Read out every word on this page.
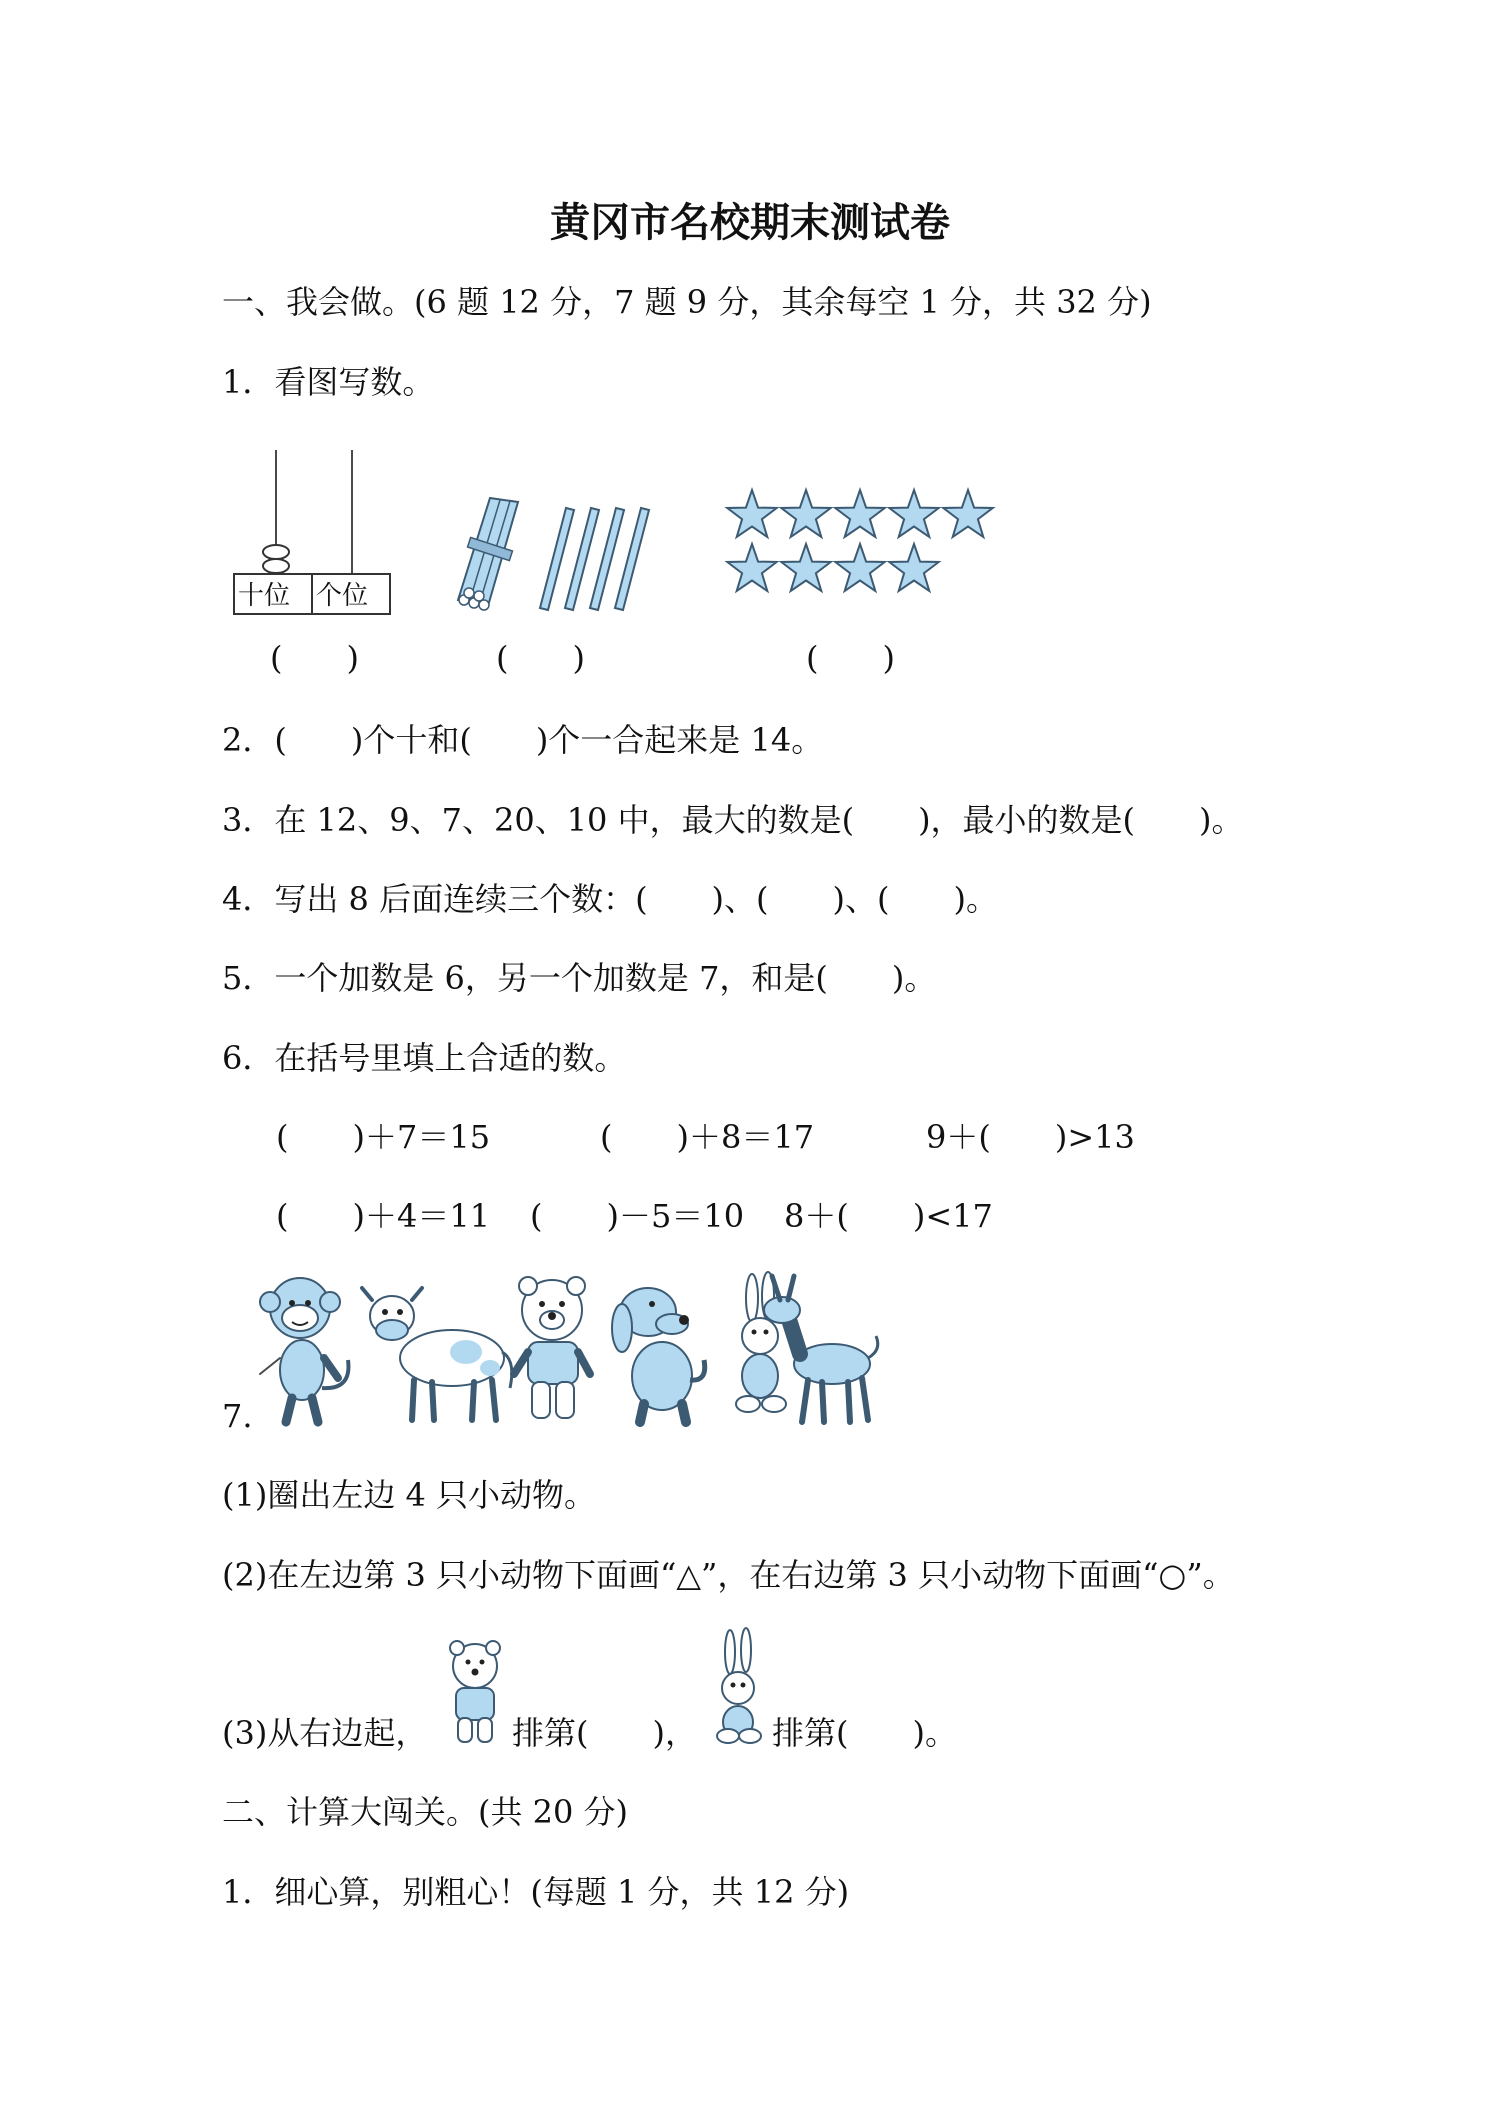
黄冈市名校期末测试卷
一、我会做。(6 题 12 分，7 题 9 分，其余每空 1 分，共 32 分)
1．看图写数。
十位 个位
(　　)	(　　)	(　　)
2．(　　)个十和(　　)个一合起来是 14。
3．在 12、9、7、20、10 中，最大的数是(　　)，最小的数是(　　)。
4．写出 8 后面连续三个数：(　　)、(　　)、(　　)。
5．一个加数是 6，另一个加数是 7，和是(　　)。
6．在括号里填上合适的数。
(　　)＋7＝15	(　　)＋8＝17	9＋(　　)>13
(　　)＋4＝11 (　　)－5＝10 8＋(　　)<17
7.
(1)圈出左边 4 只小动物。
(2)在左边第 3 只小动物下面画“△”，在右边第 3 只小动物下面画“○”。
(3)从右边起，	排第(　　)， 排第(　　)。
二、计算大闯关。(共 20 分)
1．细心算，别粗心！(每题 1 分，共 12 分)
